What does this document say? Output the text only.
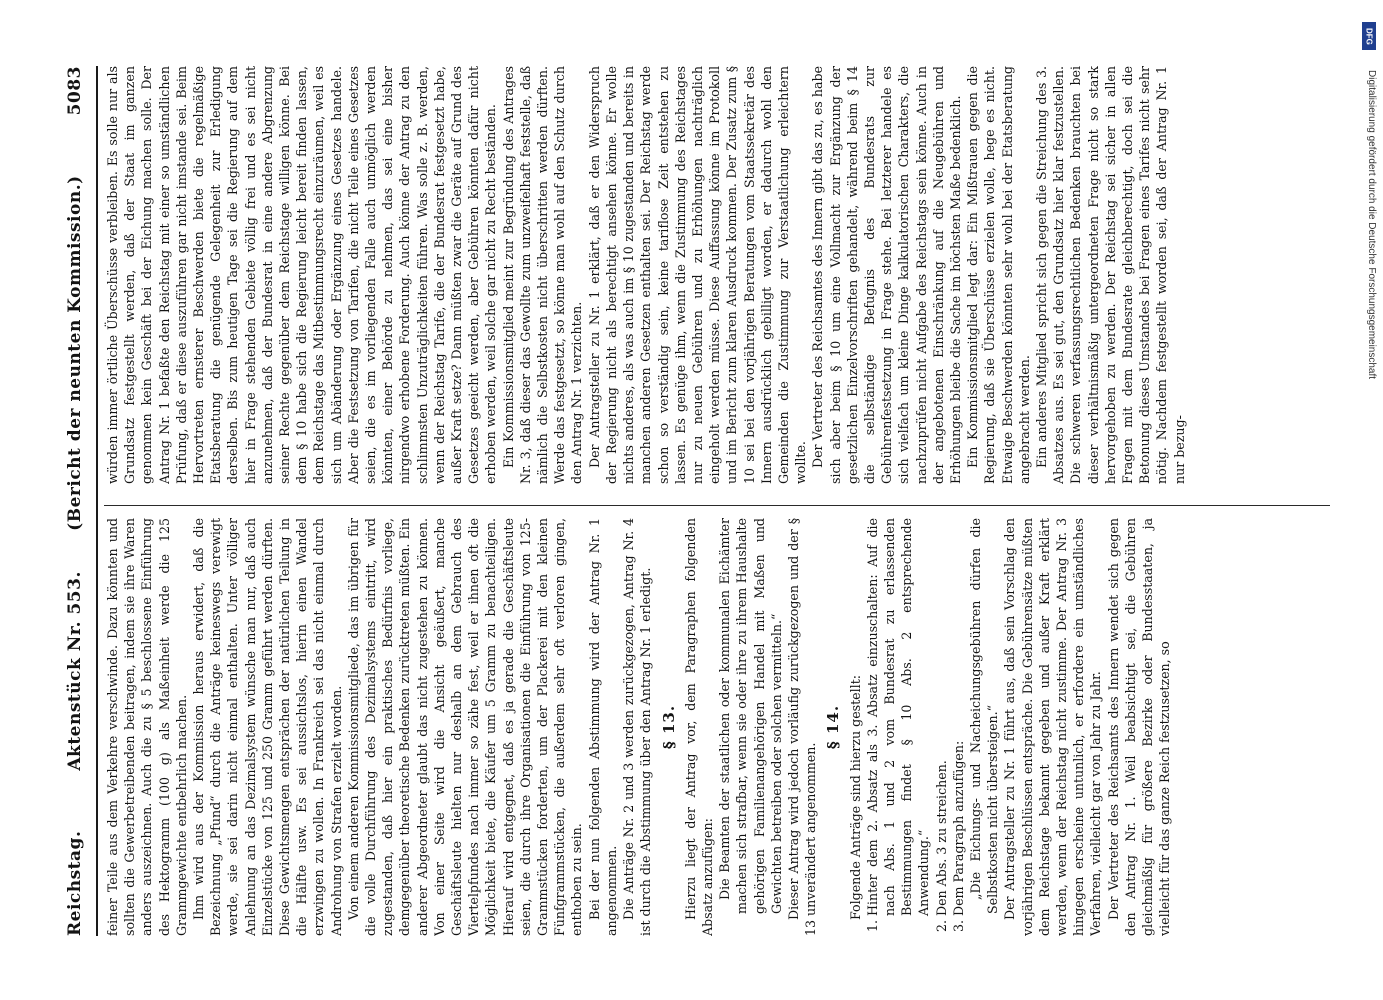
Reichstag.
Aktenstück Nr. 553.
(Bericht der neunten Kommission.)
5083

feiner Teile aus dem Verkehre verschwinde. Dazu könnten und sollten die Gewerbetreibenden beitragen, indem sie ihre Waren anders auszeichnen. Auch die zu § 5 beschlossene Einführung des Hektogramm (100 g) als Maßeinheit werde die 125 Grammgewichte entbehrlich machen. Ihm wird aus der Kommission heraus erwidert, daß die Bezeichnung „Pfund“ durch die Anträge keineswegs verewigt werde, sie sei darin nicht einmal enthalten. Unter völliger Anlehnung an das Dezimalsystem wünsche man nur, daß auch Einzelstücke von 125 und 250 Gramm geführt werden dürften. Diese Gewichtsmengen entsprächen der natürlichen Teilung in die Hälfte usw. Es sei aussichtslos, hierin einen Wandel erzwingen zu wollen. In Frankreich sei das nicht einmal durch Androhung von Strafen erzielt worden. Von einem anderen Kommissionsmitgliede, das im übrigen für die volle Durchführung des Dezimalsystems eintritt, wird zugestanden, daß hier ein praktisches Bedürfnis vorliege, demgegenüber theoretische Bedenken zurücktreten müßten. Ein anderer Abgeordneter glaubt das nicht zugestehen zu können. Von einer Seite wird die Ansicht geäußert, manche Geschäftsleute hielten nur deshalb an dem Gebrauch des Viertelpfundes nach immer so zähe fest, weil er ihnen oft die Möglichkeit biete, die Käufer um 5 Gramm zu benachteiligen. Hierauf wird entgegnet, daß es ja gerade die Geschäftsleute seien, die durch ihre Organisationen die Einführung von 125-Grammstücken forderten, um der Plackerei mit den kleinen Fünfgrammstücken, die außerdem sehr oft verloren gingen, enthoben zu sein. Bei der nun folgenden Abstimmung wird der Antrag Nr. 1 angenommen. Die Anträge Nr. 2 und 3 werden zurückgezogen, Antrag Nr. 4 ist durch die Abstimmung über den Antrag Nr. 1 erledigt. § 13. Hierzu liegt der Antrag vor, dem Paragraphen folgenden Absatz anzufügen: Die Beamten der staatlichen oder kommunalen Eichämter machen sich strafbar, wenn sie oder ihre zu ihrem Haushalte gehörigen Familienangehörigen Handel mit Maßen und Gewichten betreiben oder solchen vermitteln.“ Dieser Antrag wird jedoch vorläufig zurückgezogen und der § 13 unverändert angenommen.

§ 14. Folgende Anträge sind hierzu gestellt: 1. Hinter dem 2. Absatz als 3. Absatz einzuschalten: Auf die nach Abs. 1 und 2 vom Bundesrat zu erlassenden Bestimmungen findet § 10 Abs. 2 entsprechende Anwendung.“ 2. Den Abs. 3 zu streichen. 3. Dem Paragraph anzufügen: „Die Eichungs- und Nacheichungsgebühren dürfen die Selbstkosten nicht übersteigen.“ Der Antragsteller zu Nr. 1 führt aus, daß sein Vorschlag den vorjährigen Beschlüssen entspräche. Die Gebührensätze müßten dem Reichstage bekannt gegeben und außer Kraft erklärt werden, wenn der Reichstag nicht zustimme. Der Antrag Nr. 3 hingegen erscheine untunlich, er erfordere ein umständliches Verfahren, vielleicht gar von Jahr zu Jahr. Der Vertreter des Reichsamts des Innern wendet sich gegen den Antrag Nr. 1. Weil beabsichtigt sei, die Gebühren gleichmäßig für größere Bezirke oder Bundesstaaten, ja vielleicht für das ganze Reich festzusetzen, so

würden immer örtliche Überschüsse verbleiben. Es solle nur als Grundsatz festgestellt werden, daß der Staat im ganzen genommen kein Geschäft bei der Eichung machen solle. Der Antrag Nr. 1 befaßte den Reichstag mit einer so umständlichen Prüfung, daß er diese auszuführen gar nicht imstande sei. Beim Hervortreten ernsterer Beschwerden biete die regelmäßige Etatsberatung die genügende Gelegenheit zur Erledigung derselben. Bis zum heutigen Tage sei die Regierung auf dem hier in Frage stehenden Gebiete völlig frei und es sei nicht anzunehmen, daß der Bundesrat in eine andere Abgrenzung seiner Rechte gegenüber dem Reichstage willigen könne. Bei dem § 10 habe sich die Regierung leicht bereit finden lassen, dem Reichstage das Mitbestimmungsrecht einzuräumen, weil es sich um Abänderung oder Ergänzung eines Gesetzes handele. Aber die Festsetzung von Tarifen, die nicht Teile eines Gesetzes seien, die es im vorliegenden Falle auch unmöglich werden könnten, einer Behörde zu nehmen, das sei eine bisher nirgendwo erhobene Forderung. Auch könne der Antrag zu den schlimmsten Unzuträglichkeiten führen. Was solle z. B. werden, wenn der Reichstag Tarife, die der Bundesrat festgesetzt habe, außer Kraft setze? Dann müßten zwar die Geräte auf Grund des Gesetzes geeicht werden, aber Gebühren könnten dafür nicht erhoben werden, weil solche gar nicht zu Recht beständen. Ein Kommissionsmitglied meint zur Begründung des Antrages Nr. 3, daß dieser das Gewollte zum unzweifelhaft feststelle, daß nämlich die Selbstkosten nicht überschritten werden dürften. Werde das festgesetzt, so könne man wohl auf den Schutz durch den Antrag Nr. 1 verzichten. Der Antragsteller zu Nr. 1 erklärt, daß er den Widerspruch der Regierung nicht als berechtigt ansehen könne. Er wolle nichts anderes, als was auch im § 10 zugestanden und bereits in manchen anderen Gesetzen enthalten sei. Der Reichstag werde schon so verständig sein, keine tariflose Zeit entstehen zu lassen. Es genüge ihm, wenn die Zustimmung des Reichstages nur zu neuen Gebühren und zu Erhöhungen nachträglich eingeholt werden müsse. Diese Auffassung könne im Protokoll und im Bericht zum klaren Ausdruck kommen. Der Zusatz zum § 10 sei bei den vorjährigen Beratungen vom Staatssekretär des Innern ausdrücklich gebilligt worden, er dadurch wohl den Gemeinden die Zustimmung zur Verstaatlichung erleichtern wollte. Der Vertreter des Reichsamtes des Innern gibt das zu, es habe sich aber beim § 10 um eine Vollmacht zur Ergänzung der gesetzlichen Einzelvorschriften gehandelt, während beim § 14 die selbständige Befugnis des Bundesrats zur Gebührenfestsetzung in Frage stehe. Bei letzterer handele es sich vielfach um kleine Dinge kalkulatorischen Charakters, die nachzuprüfen nicht Aufgabe des Reichstags sein könne. Auch in der angebotenen Einschränkung auf die Neugebühren und Erhöhungen bleibe die Sache im höchsten Maße bedenklich. Ein Kommissionsmitglied legt dar: Ein Mißtrauen gegen die Regierung, daß sie Überschüsse erzielen wolle, hege es nicht. Etwaige Beschwerden könnten sehr wohl bei der Etatsberatung angebracht werden. Ein anderes Mitglied spricht sich gegen die Streichung des 3. Absatzes aus. Es sei gut, den Grundsatz hier klar festzustellen. Die schweren verfassungsrechtlichen Bedenken brauchten bei dieser verhältnismäßig untergeordneten Frage nicht so stark hervorgehoben zu werden. Der Reichstag sei sicher in allen Fragen mit dem Bundesrate gleichberechtigt, doch sei die Betonung dieses Umstandes bei Fragen eines Tarifes nicht sehr nötig. Nachdem festgestellt worden sei, daß der Antrag Nr. 1 nur bezug-

DFG
Digitalisierung gefördert durch die Deutsche Forschungsgemeinschaft
